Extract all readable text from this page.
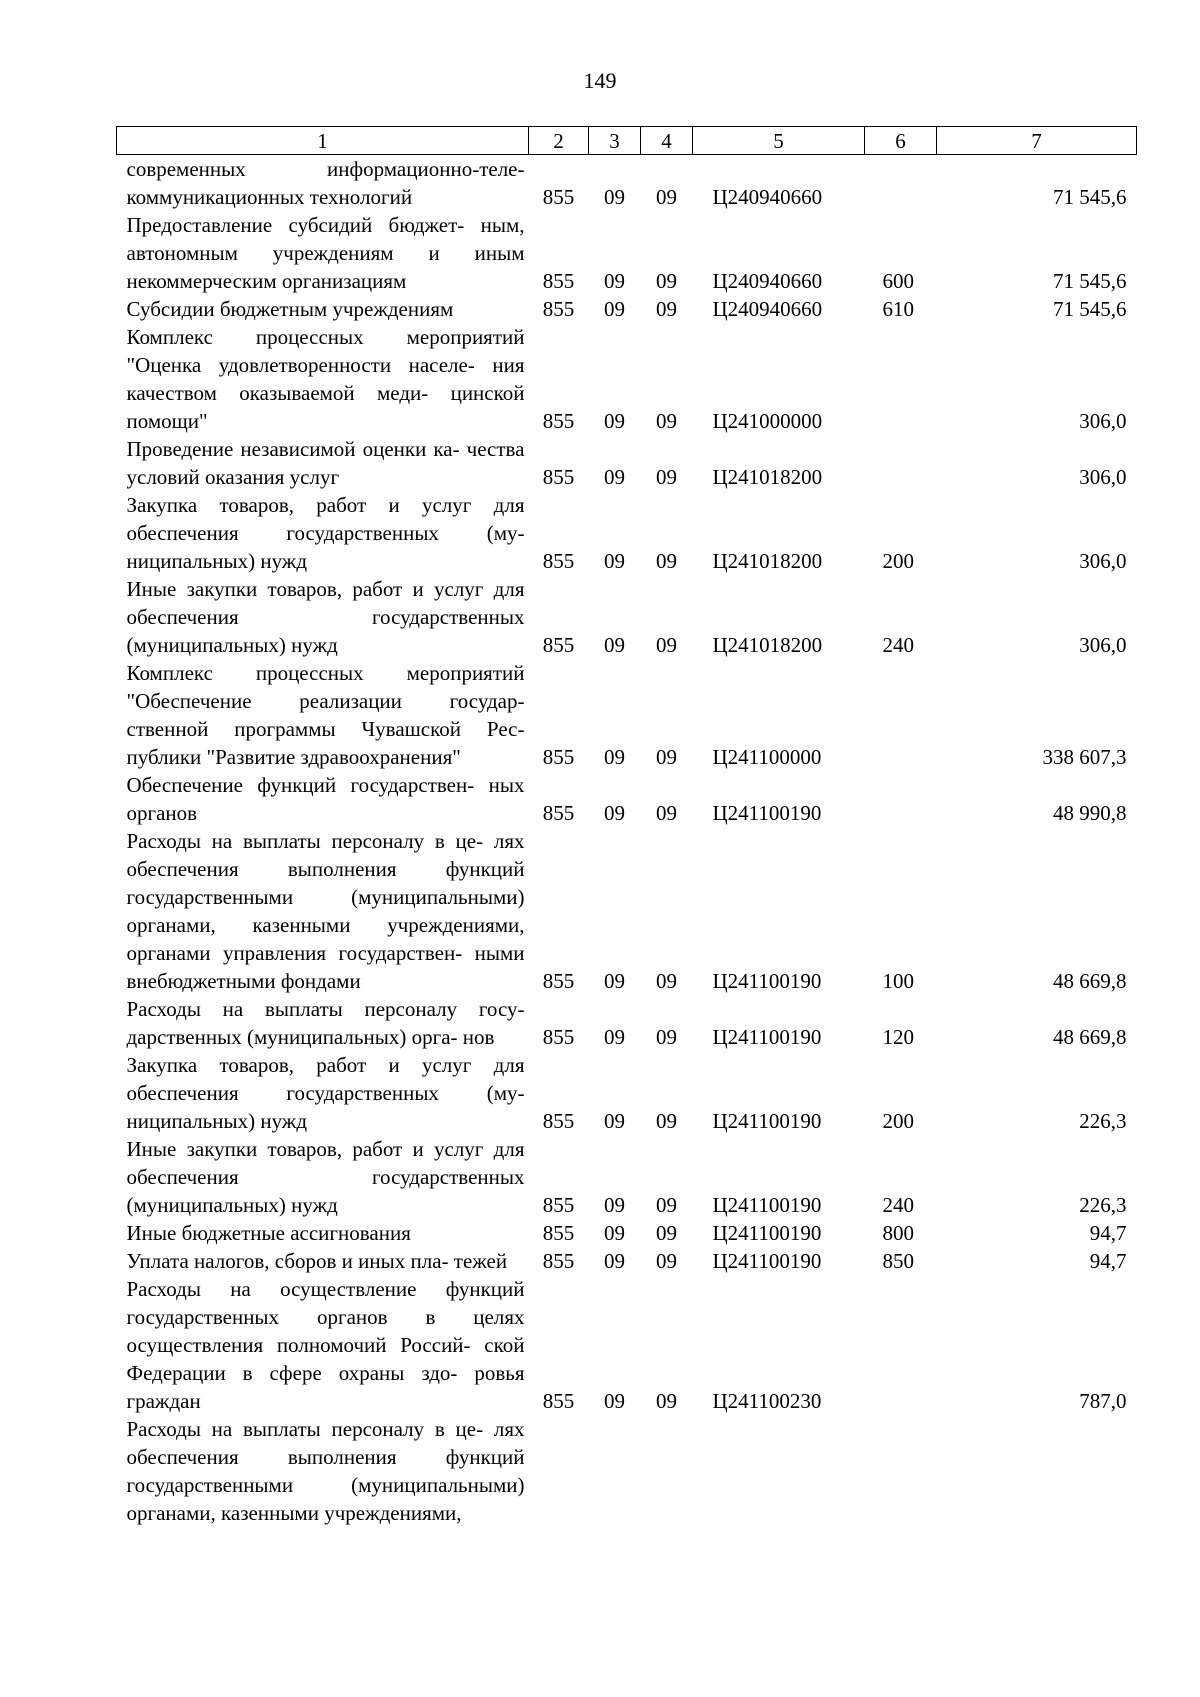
149
1	2	3	4	5	6	7
современных информационно-теле- коммуникационных технологий	855	09	09	Ц240940660		71 545,6
Предоставление субсидий бюджет- ным, автономным учреждениям и иным некоммерческим организациям	855	09	09	Ц240940660	600	71 545,6
Субсидии бюджетным учреждениям	855	09	09	Ц240940660	610	71 545,6
Комплекс процессных мероприятий "Оценка удовлетворенности населе- ния качеством оказываемой меди- цинской помощи"	855	09	09	Ц241000000		306,0
Проведение независимой оценки ка- чества условий оказания услуг	855	09	09	Ц241018200		306,0
Закупка товаров, работ и услуг для обеспечения государственных (му- ниципальных) нужд	855	09	09	Ц241018200	200	306,0
Иные закупки товаров, работ и услуг для обеспечения государственных (муниципальных) нужд	855	09	09	Ц241018200	240	306,0
Комплекс процессных мероприятий "Обеспечение реализации государ- ственной программы Чувашской Рес- публики "Развитие здравоохранения"	855	09	09	Ц241100000		338 607,3
Обеспечение функций государствен- ных органов	855	09	09	Ц241100190		48 990,8
Расходы на выплаты персоналу в це- лях обеспечения выполнения функций государственными (муниципальными) органами, казенными учреждениями, органами управления государствен- ными внебюджетными фондами	855	09	09	Ц241100190	100	48 669,8
Расходы на выплаты персоналу госу- дарственных (муниципальных) орга- нов	855	09	09	Ц241100190	120	48 669,8
Закупка товаров, работ и услуг для обеспечения государственных (му- ниципальных) нужд	855	09	09	Ц241100190	200	226,3
Иные закупки товаров, работ и услуг для обеспечения государственных (муниципальных) нужд	855	09	09	Ц241100190	240	226,3
Иные бюджетные ассигнования	855	09	09	Ц241100190	800	94,7
Уплата налогов, сборов и иных пла- тежей	855	09	09	Ц241100190	850	94,7
Расходы на осуществление функций государственных органов в целях осуществления полномочий Россий- ской Федерации в сфере охраны здо- ровья граждан	855	09	09	Ц241100230		787,0
Расходы на выплаты персоналу в це- лях обеспечения выполнения функций государственными (муниципальными) органами, казенными учреждениями,						
